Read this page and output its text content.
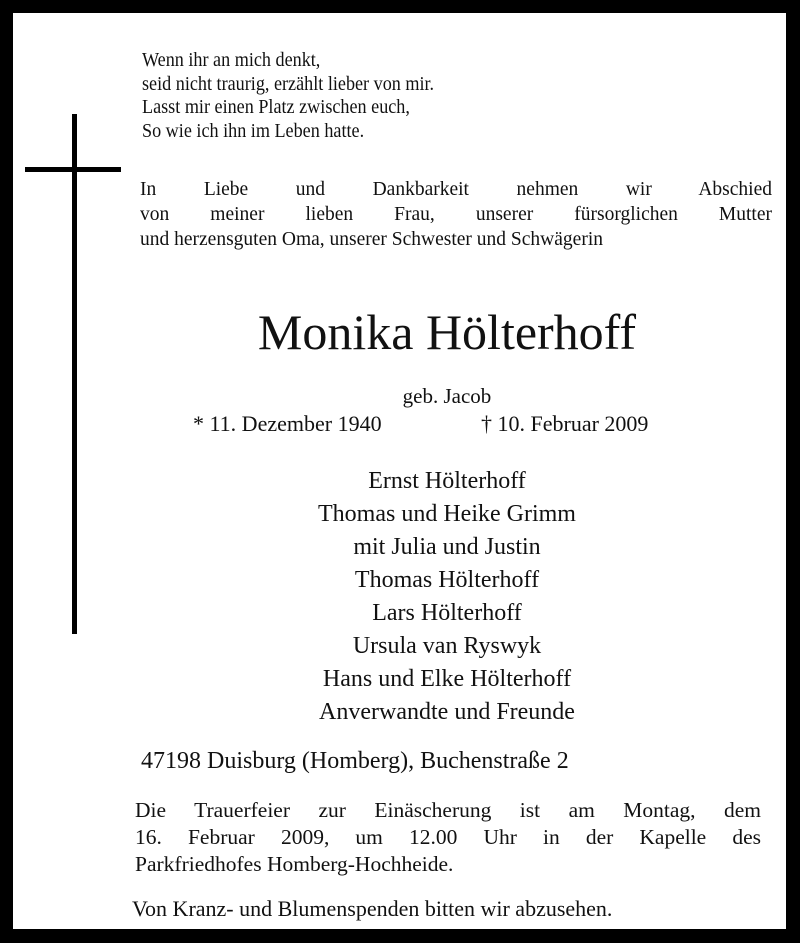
Wenn ihr an mich denkt,
seid nicht traurig, erzählt lieber von mir.
Lasst mir einen Platz zwischen euch,
So wie ich ihn im Leben hatte.
In Liebe und Dankbarkeit nehmen wir Abschied
von meiner lieben Frau, unserer fürsorglichen Mutter
und herzensguten Oma, unserer Schwester und Schwägerin
Monika Hölterhoff
geb. Jacob
* 11. Dezember 1940	† 10. Februar 2009
Ernst Hölterhoff
Thomas und Heike Grimm
mit Julia und Justin
Thomas Hölterhoff
Lars Hölterhoff
Ursula van Ryswyk
Hans und Elke Hölterhoff
Anverwandte und Freunde
47198 Duisburg (Homberg), Buchenstraße 2
Die Trauerfeier zur Einäscherung ist am Montag, dem
16. Februar 2009, um 12.00 Uhr in der Kapelle des
Parkfriedhofes Homberg-Hochheide.
Von Kranz- und Blumenspenden bitten wir abzusehen.
